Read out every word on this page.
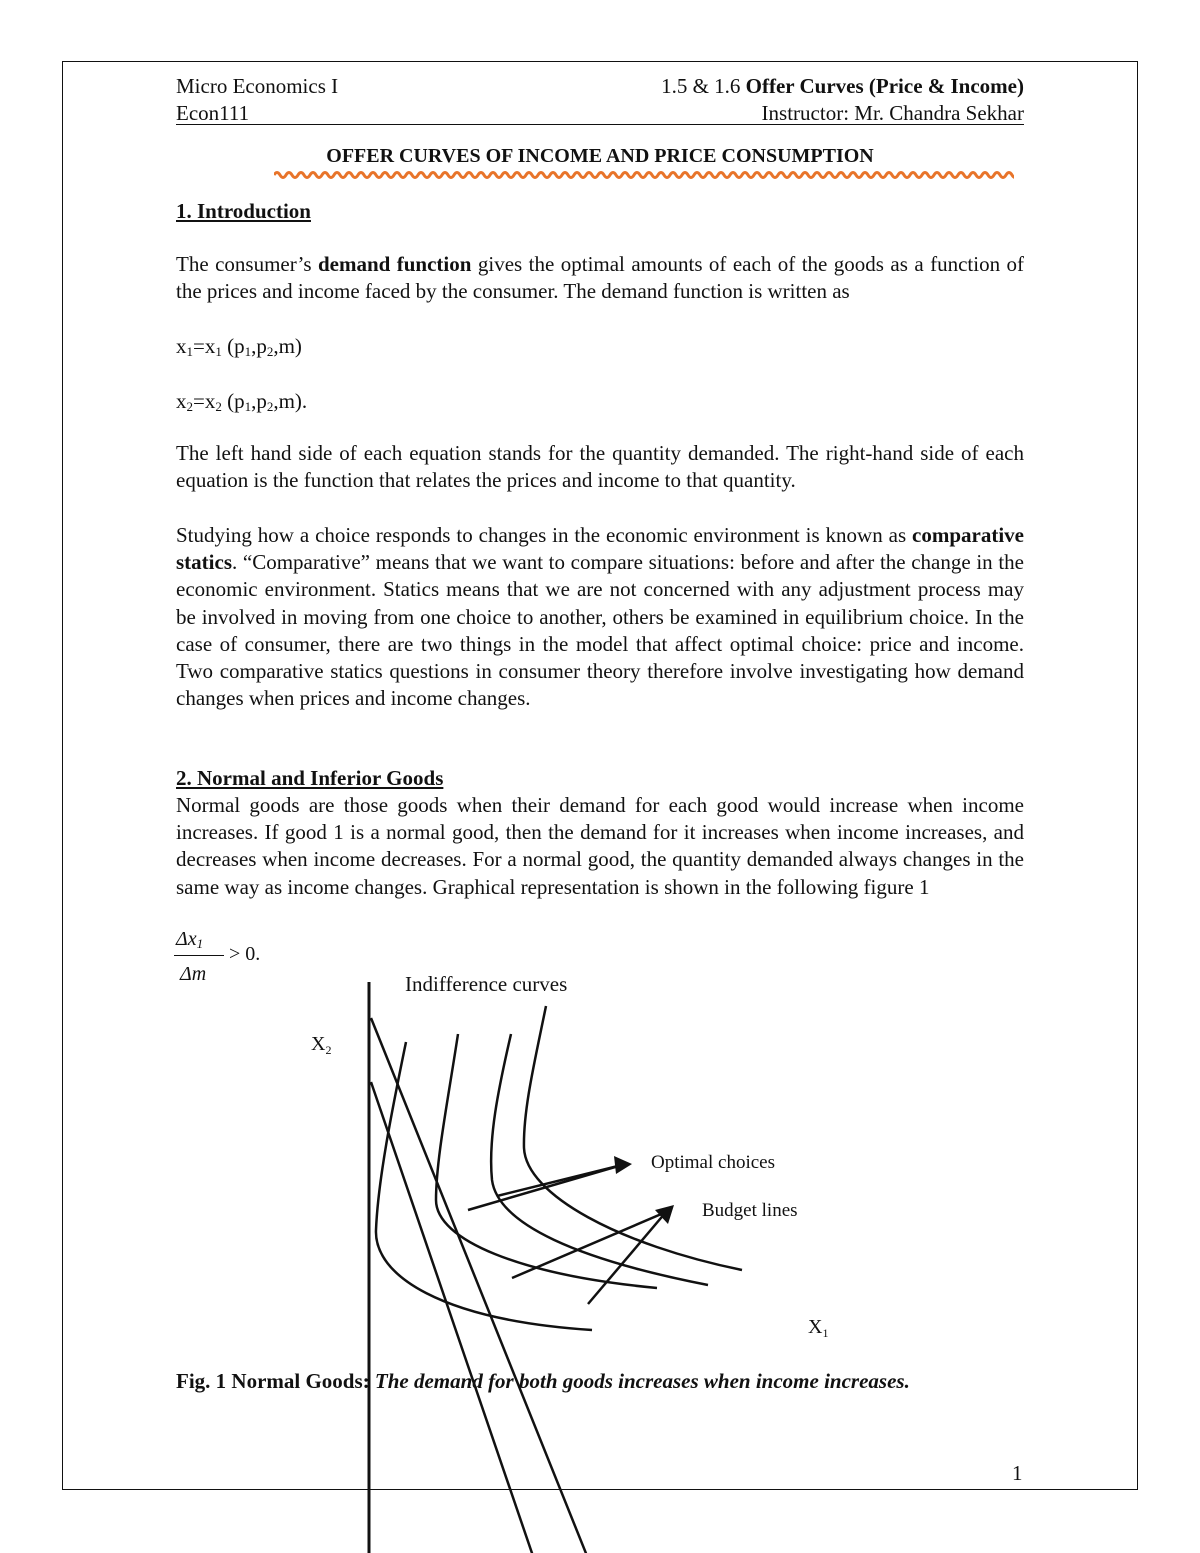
Micro Economics I
Econ111
1.5 & 1.6 Offer Curves (Price & Income)
Instructor: Mr. Chandra Sekhar
OFFER CURVES OF INCOME AND PRICE CONSUMPTION
1. Introduction
The consumer’s demand function gives the optimal amounts of each of the goods as a function of the prices and income faced by the consumer. The demand function is written as
$x_1=x_1$ $(p_1,p_2,m)$
$x_2=x_2$ $(p_1,p_2,m)$.
The left hand side of each equation stands for the quantity demanded. The right-hand side of each equation is the function that relates the prices and income to that quantity.
Studying how a choice responds to changes in the economic environment is known as comparative statics. “Comparative” means that we want to compare situations: before and after the change in the economic environment. Statics means that we are not concerned with any adjustment process may be involved in moving from one choice to another, others be examined in equilibrium choice. In the case of consumer, there are two things in the model that affect optimal choice: price and income. Two comparative statics questions in consumer theory therefore involve investigating how demand changes when prices and income changes.
2. Normal and Inferior Goods
Normal goods are those goods when their demand for each good would increase when income increases. If good 1 is a normal good, then the demand for it increases when income increases, and decreases when income decreases. For a normal good, the quantity demanded always changes in the same way as income changes. Graphical representation is shown in the following figure 1
$\Delta x_1$
Δm
> 0.
Indifference curves
$X_2$
$X_1$
Optimal choices
Budget lines
Fig. 1 Normal Goods: The demand for both goods increases when income increases.
1
